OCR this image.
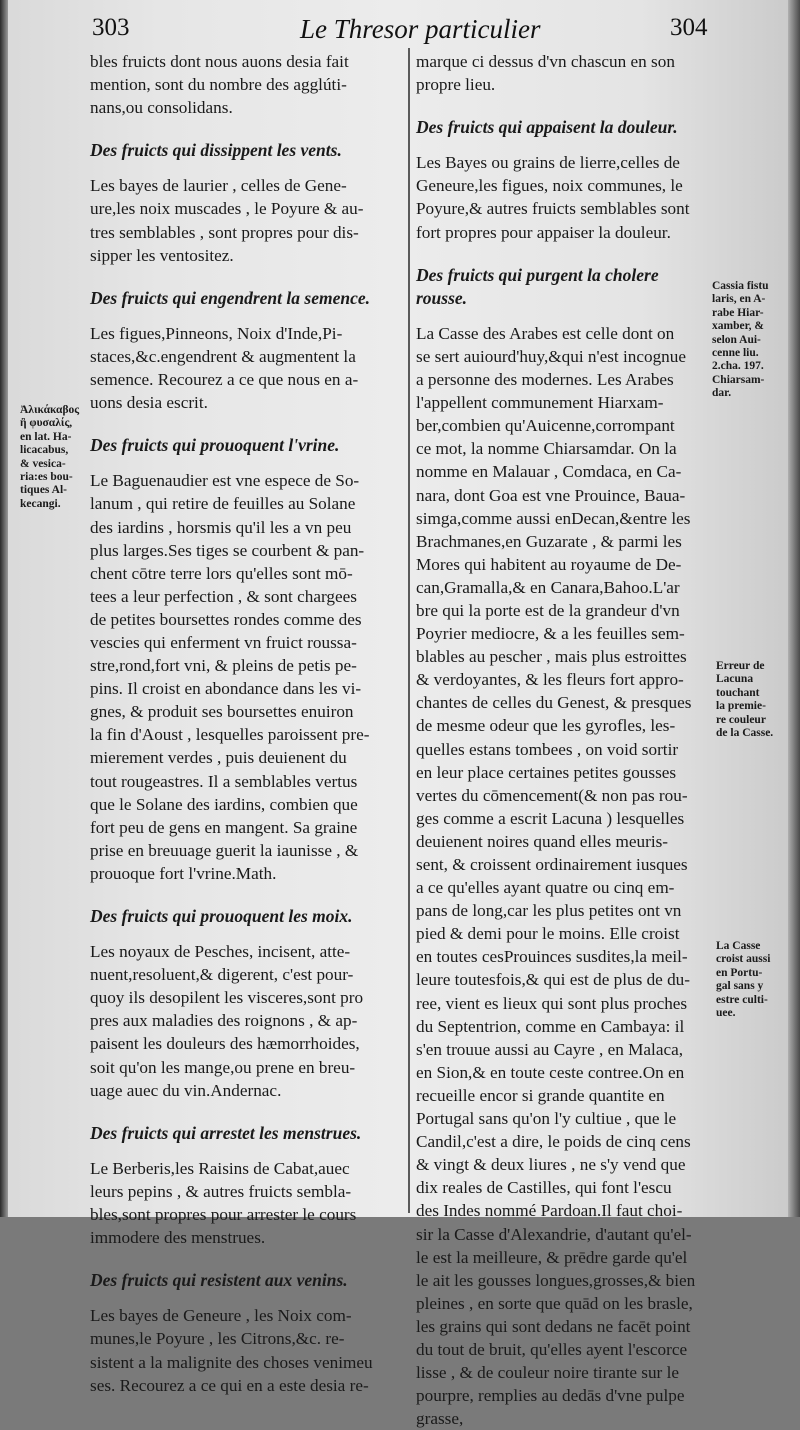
303	Le Thresor particulier	304

bles fruicts dont nous auons desia fait

mention, sont du nombre des agglúti-

nans,ou consolidans.

Des fruicts qui dissippent les vents.

Les bayes de laurier , celles de Gene-

ure,les noix muscades , le Poyure & au-

tres semblables , sont propres pour dis-

sipper les ventositez.

Des fruicts qui engendrent la semence.

Les figues,Pinneons, Noix d'Inde,Pi-

staces,&c.engendrent & augmentent la

semence. Recourez a ce que nous en a-

uons desia escrit.

Des fruicts qui prouoquent l'vrine.

Le Baguenaudier est vne espece de So-

lanum , qui retire de feuilles au Solane

des iardins , horsmis qu'il les a vn peu

plus larges.Ses tiges se courbent & pan-

chent cōtre terre lors qu'elles sont mō-

tees a leur perfection , & sont chargees

de petites boursettes rondes comme des

vescies qui enferment vn fruict roussa-

stre,rond,fort vni, & pleins de petis pe-

pins. Il croist en abondance dans les vi-

gnes, & produit ses boursettes enuiron

la fin d'Aoust , lesquelles paroissent pre-

mierement verdes , puis deuienent du

tout rougeastres. Il a semblables vertus

que le Solane des iardins, combien que

fort peu de gens en mangent. Sa graine

prise en breuuage guerit la iaunisse , &

prouoque fort l'vrine.Math.

Des fruicts qui prouoquent les moix.

Les noyaux de Pesches, incisent, atte-

nuent,resoluent,& digerent, c'est pour-

quoy ils desopilent les visceres,sont pro

pres aux maladies des roignons , & ap-

paisent les douleurs des hæmorrhoides,

soit qu'on les mange,ou prene en breu-

uage auec du vin.Andernac.

Des fruicts qui arrestet les menstrues.

Le Berberis,les Raisins de Cabat,auec

leurs pepins , & autres fruicts sembla-

bles,sont propres pour arrester le cours

immodere des menstrues.

Des fruicts qui resistent aux venins.

Les bayes de Geneure , les Noix com-

munes,le Poyure , les Citrons,&c. re-

sistent a la malignite des choses venimeu

ses. Recourez a ce qui en a este desia re-

marque ci dessus d'vn chascun en son

propre lieu.

Des fruicts qui appaisent la douleur.

Les Bayes ou grains de lierre,celles de

Geneure,les figues, noix communes, le

Poyure,& autres fruicts semblables sont

fort propres pour appaiser la douleur.

Des fruicts qui purgent la cholere

rousse.

La Casse des Arabes est celle dont on

se sert auiourd'huy,&qui n'est incognue

a personne des modernes. Les Arabes

l'appellent communement Hiarxam-

ber,combien qu'Auicenne,corrompant

ce mot, la nomme Chiarsamdar. On la

nomme en Malauar , Comdaca, en Ca-

nara, dont Goa est vne Prouince, Baua-

simga,comme aussi enDecan,&entre les

Brachmanes,en Guzarate , & parmi les

Mores qui habitent au royaume de De-

can,Gramalla,& en Canara,Bahoo.L'ar

bre qui la porte est de la grandeur d'vn

Poyrier mediocre, & a les feuilles sem-

blables au pescher , mais plus estroittes

& verdoyantes, & les fleurs fort appro-

chantes de celles du Genest, & presques

de mesme odeur que les gyrofles, les-

quelles estans tombees , on void sortir

en leur place certaines petites gousses

vertes du cōmencement(& non pas rou-

ges comme a escrit Lacuna ) lesquelles

deuienent noires quand elles meuris-

sent, & croissent ordinairement iusques

a ce qu'elles ayant quatre ou cinq em-

pans de long,car les plus petites ont vn

pied & demi pour le moins. Elle croist

en toutes cesProuinces susdites,la meil-

leure toutesfois,& qui est de plus de du-

ree, vient es lieux qui sont plus proches

du Septentrion, comme en Cambaya: il

s'en trouue aussi au Cayre , en Malaca,

en Sion,& en toute ceste contree.On en

recueille encor si grande quantite en

Portugal sans qu'on l'y cultiue , que le

Candil,c'est a dire, le poids de cinq cens

& vingt & deux liures , ne s'y vend que

dix reales de Castilles, qui font l'escu

des Indes nommé Pardoan.Il faut choi-

sir la Casse d'Alexandrie, d'autant qu'el-

le est la meilleure, & prēdre garde qu'el

le ait les gousses longues,grosses,& bien

pleines , en sorte que quād on les brasle,

les grains qui sont dedans ne facēt point

du tout de bruit, qu'elles ayent l'escorce

lisse , & de couleur noire tirante sur le

pourpre, remplies au dedās d'vne pulpe

grasse,

Ἀλικάκαβος

ἢ φυσαλίς,

en lat. Ha-

licacabus,

& vesica-

ria:es bou-

tiques Al-

kecangi.

Cassia fistu

laris, en A-

rabe Hiar-

xamber, &

selon Aui-

cenne liu.

2.cha. 197.

Chiarsam-

dar.

Erreur de

Lacuna

touchant

la premie-

re couleur

de la Casse.

La Casse

croist aussi

en Portu-

gal sans y

estre culti-

uee.
